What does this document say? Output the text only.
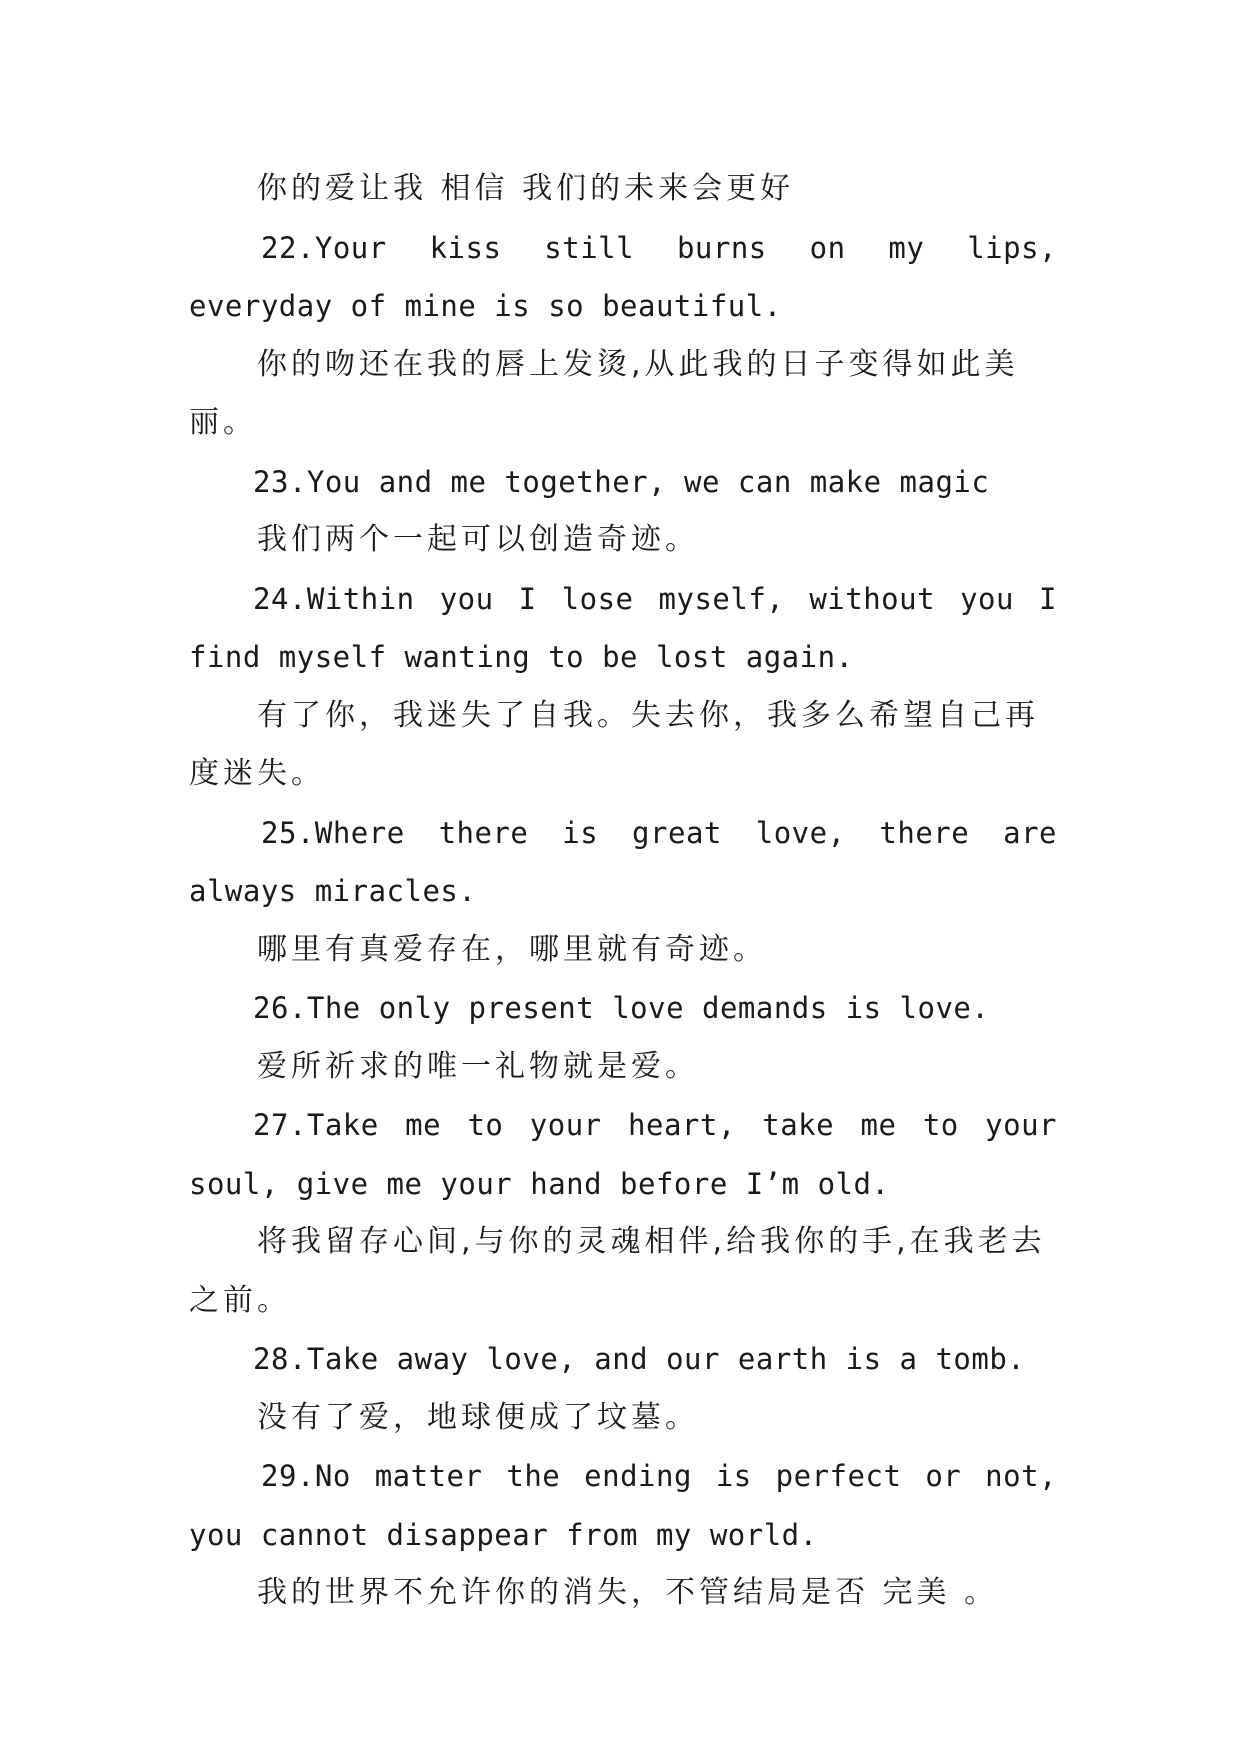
你的爱让我 相信 我们的未来会更好

22.Your kiss still burns on my lips, everyday of mine is so beautiful.

你的吻还在我的唇上发烫,从此我的日子变得如此美丽。

23.You and me together, we can make magic

我们两个一起可以创造奇迹。

24.Within you I lose myself, without you I find myself wanting to be lost again.

有了你，我迷失了自我。失去你，我多么希望自己再度迷失。

25.Where there is great love, there are always miracles.

哪里有真爱存在，哪里就有奇迹。

26.The only present love demands is love.

爱所祈求的唯一礼物就是爱。

27.Take me to your heart, take me to your soul, give me your hand before I’m old.

将我留存心间,与你的灵魂相伴,给我你的手,在我老去之前。

28.Take away love, and our earth is a tomb.

没有了爱，地球便成了坟墓。

29.No matter the ending is perfect or not, you cannot disappear from my world.

我的世界不允许你的消失，不管结局是否 完美 。
